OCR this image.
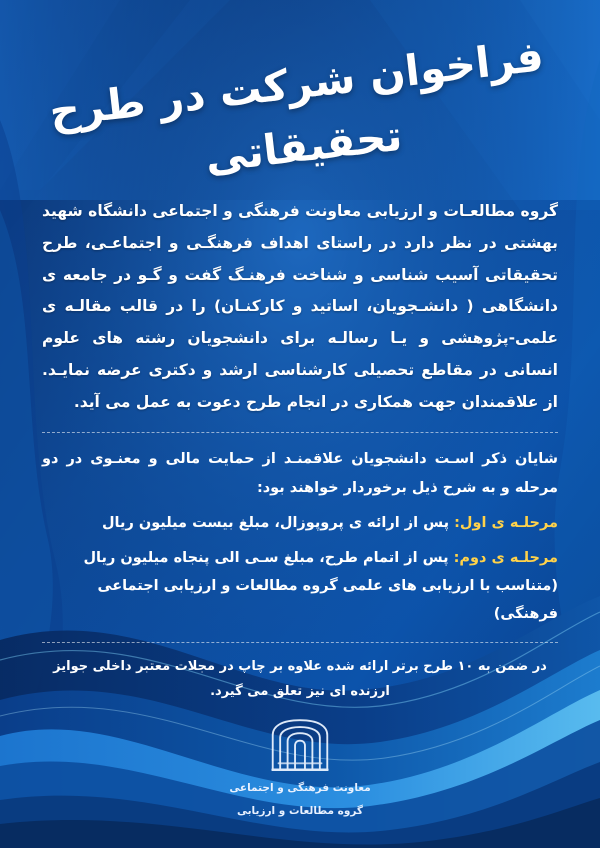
فراخوان شرکت در طرح تحقیقاتی

گروه مطالعـات و ارزیابی معاونت فرهنگی و اجتماعی دانشگاه شهید بهشتی در نظر دارد در راستای اهداف فرهنگـی و اجتماعـی، طرح تحقیقاتی آسیب شناسی و شناخت فرهنـگ گفت و گـو در جامعه ی دانشگاهی ( دانشـجویان، اساتید و کارکنـان) را در قالب مقالـه ی علمی-پژوهشی و یـا رسالـه برای دانشجویان رشته های علوم انسانی در مقاطع تحصیلی کارشناسی ارشد و دکتری عرضه نمایـد. از علاقمندان جهت همکاری در انجام طرح دعوت به عمل می آید.

شایان ذکر اسـت دانشجویان علاقمنـد از حمایت مالی و معنـوی در دو مرحله و به شرح ذیل برخوردار خواهند بود:

مرحلـه ی اول: پس از ارائه ی پروپوزال، مبلغ بیست میلیون ریال

مرحلـه ی دوم: پس از اتمام طرح، مبلغ سـی الی پنجاه میلیون ریال (متناسب با ارزیابی های علمی گروه مطالعات و ارزیابی اجتماعی فرهنگی)

در ضمن به ۱۰ طرح برتر ارائه شده علاوه بر چاپ در مجلات معتبر داخلی جوایز ارزنده ای نیز تعلق می گیرد.

معاونت فرهنگی و اجتماعی
گروه مطالعات و ارزیابی
